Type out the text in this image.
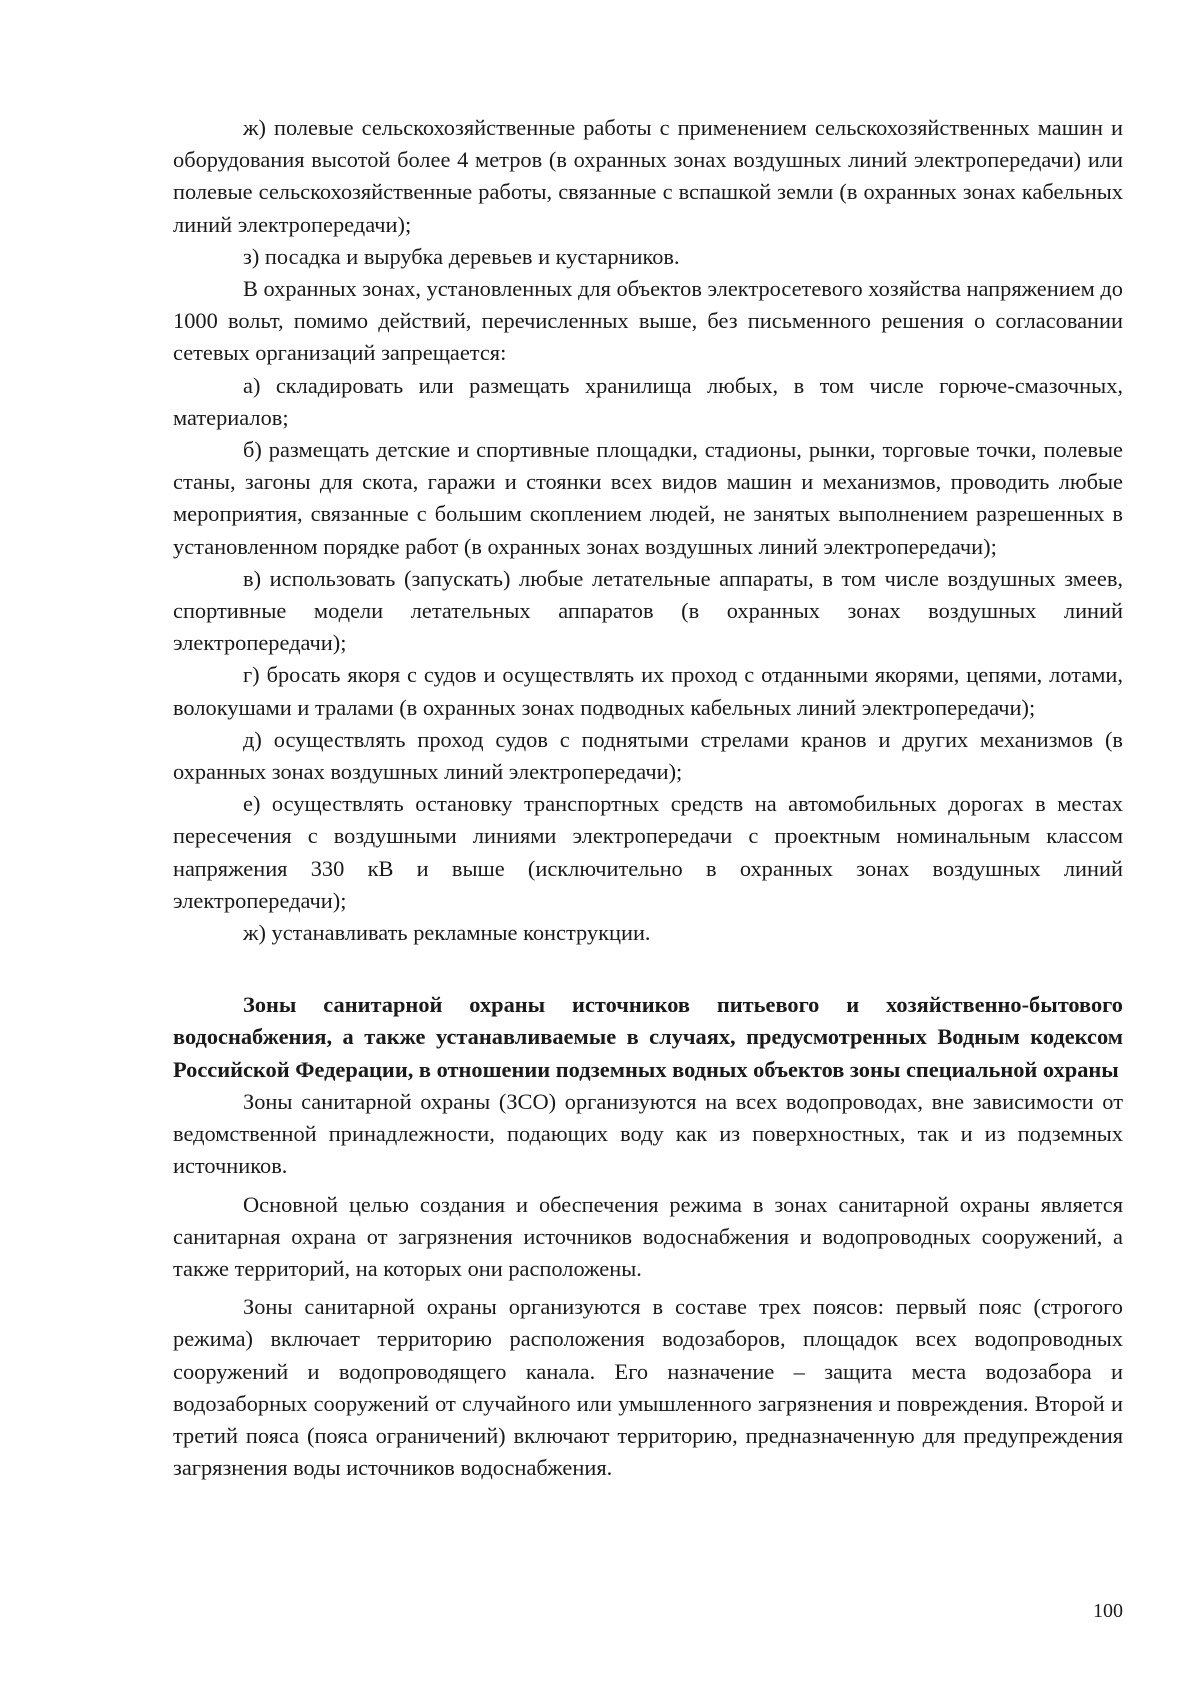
ж) полевые сельскохозяйственные работы с применением сельскохозяйственных машин и оборудования высотой более 4 метров (в охранных зонах воздушных линий электропередачи) или полевые сельскохозяйственные работы, связанные с вспашкой земли (в охранных зонах кабельных линий электропередачи);

з) посадка и вырубка деревьев и кустарников.

В охранных зонах, установленных для объектов электросетевого хозяйства напряжением до 1000 вольт, помимо действий, перечисленных выше, без письменного решения о согласовании сетевых организаций запрещается:

а) складировать или размещать хранилища любых, в том числе горюче-смазочных, материалов;

б) размещать детские и спортивные площадки, стадионы, рынки, торговые точки, полевые станы, загоны для скота, гаражи и стоянки всех видов машин и механизмов, проводить любые мероприятия, связанные с большим скоплением людей, не занятых выполнением разрешенных в установленном порядке работ (в охранных зонах воздушных линий электропередачи);

в) использовать (запускать) любые летательные аппараты, в том числе воздушных змеев, спортивные модели летательных аппаратов (в охранных зонах воздушных линий электропередачи);

г) бросать якоря с судов и осуществлять их проход с отданными якорями, цепями, лотами, волокушами и тралами (в охранных зонах подводных кабельных линий электропередачи);

д) осуществлять проход судов с поднятыми стрелами кранов и других механизмов (в охранных зонах воздушных линий электропередачи);

е) осуществлять остановку транспортных средств на автомобильных дорогах в местах пересечения с воздушными линиями электропередачи с проектным номинальным классом напряжения 330 кВ и выше (исключительно в охранных зонах воздушных линий электропередачи);

ж) устанавливать рекламные конструкции.

Зоны санитарной охраны источников питьевого и хозяйственно-бытового водоснабжения, а также устанавливаемые в случаях, предусмотренных Водным кодексом Российской Федерации, в отношении подземных водных объектов зоны специальной охраны

Зоны санитарной охраны (ЗСО) организуются на всех водопроводах, вне зависимости от ведомственной принадлежности, подающих воду как из поверхностных, так и из подземных источников.

Основной целью создания и обеспечения режима в зонах санитарной охраны является санитарная охрана от загрязнения источников водоснабжения и водопроводных сооружений, а также территорий, на которых они расположены.

Зоны санитарной охраны организуются в составе трех поясов: первый пояс (строгого режима) включает территорию расположения водозаборов, площадок всех водопроводных сооружений и водопроводящего канала. Его назначение – защита места водозабора и водозаборных сооружений от случайного или умышленного загрязнения и повреждения. Второй и третий пояса (пояса ограничений) включают территорию, предназначенную для предупреждения загрязнения воды источников водоснабжения.

100
